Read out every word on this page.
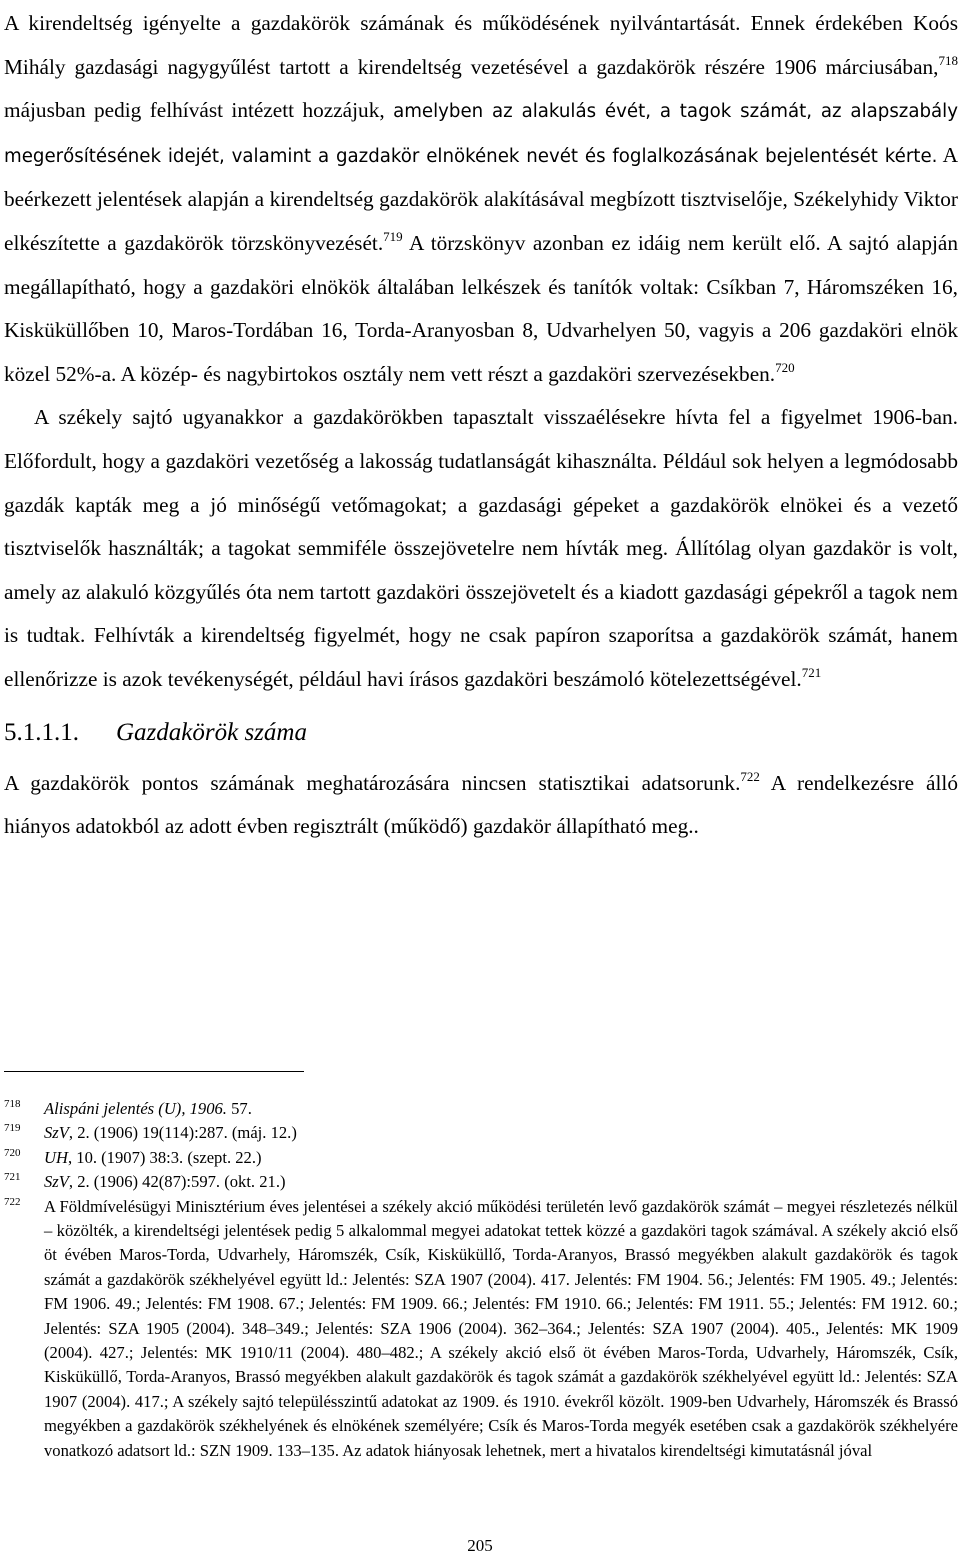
A kirendeltség igényelte a gazdakörök számának és működésének nyilvántartását. Ennek érdekében Koós Mihály gazdasági nagygyűlést tartott a kirendeltség vezetésével a gazdakörök részére 1906 márciusában,$^{718}$ májusban pedig felhívást intézett hozzájuk, amelyben az alakulás évét, a tagok számát, az alapszabály megerősítésének idejét, valamint a gazdakör elnökének nevét és foglalkozásának bejelentését kérte. A beérkezett jelentések alapján a kirendeltség gazdakörök alakításával megbízott tisztviselője, Székelyhidy Viktor elkészítette a gazdakörök törzskönyvezését.$^{719}$ A törzskönyv azonban ez idáig nem került elő. A sajtó alapján megállapítható, hogy a gazdaköri elnökök általában lelkészek és tanítók voltak: Csíkban 7, Háromszéken 16, Kisküküllőben 10, Maros-Tordában 16, Torda-Aranyosban 8, Udvarhelyen 50, vagyis a 206 gazdaköri elnök közel 52%-a. A közép- és nagybirtokos osztály nem vett részt a gazdaköri szervezésekben.$^{720}$

A székely sajtó ugyanakkor a gazdakörökben tapasztalt visszaélésekre hívta fel a figyelmet 1906-ban. Előfordult, hogy a gazdaköri vezetőség a lakosság tudatlanságát kihasználta. Például sok helyen a legmódosabb gazdák kapták meg a jó minőségű vetőmagokat; a gazdasági gépeket a gazdakörök elnökei és a vezető tisztviselők használták; a tagokat semmiféle összejövetelre nem hívták meg. Állítólag olyan gazdakör is volt, amely az alakuló közgyűlés óta nem tartott gazdaköri összejövetelt és a kiadott gazdasági gépekről a tagok nem is tudtak. Felhívták a kirendeltség figyelmét, hogy ne csak papíron szaporítsa a gazdakörök számát, hanem ellenőrizze is azok tevékenységét, például havi írásos gazdaköri beszámoló kötelezettségével.$^{721}$

5.1.1.1. Gazdakörök száma

A gazdakörök pontos számának meghatározására nincsen statisztikai adatsorunk.$^{722}$ A rendelkezésre álló hiányos adatokból az adott évben regisztrált (működő) gazdakör állapítható meg..

718	Alispáni jelentés (U), 1906. 57.
719	SzV, 2. (1906) 19(114):287. (máj. 12.)
720	UH, 10. (1907) 38:3. (szept. 22.)
721	SzV, 2. (1906) 42(87):597. (okt. 21.)
722	A Földmívelésügyi Minisztérium éves jelentései a székely akció működési területén levő gazdakörök számát – megyei részletezés nélkül – közölték, a kirendeltségi jelentések pedig 5 alkalommal megyei adatokat tettek közzé a gazdaköri tagok számával. A székely akció első öt évében Maros-Torda, Udvarhely, Háromszék, Csík, Kisküküllő, Torda-Aranyos, Brassó megyékben alakult gazdakörök és tagok számát a gazdakörök székhelyével együtt ld.: Jelentés: SZA 1907 (2004). 417. Jelentés: FM 1904. 56.; Jelentés: FM 1905. 49.; Jelentés: FM 1906. 49.; Jelentés: FM 1908. 67.; Jelentés: FM 1909. 66.; Jelentés: FM 1910. 66.; Jelentés: FM 1911. 55.; Jelentés: FM 1912. 60.; Jelentés: SZA 1905 (2004). 348–349.; Jelentés: SZA 1906 (2004). 362–364.; Jelentés: SZA 1907 (2004). 405., Jelentés: MK 1909 (2004). 427.; Jelentés: MK 1910/11 (2004). 480–482.; A székely akció első öt évében Maros-Torda, Udvarhely, Háromszék, Csík, Kisküküllő, Torda-Aranyos, Brassó megyékben alakult gazdakörök és tagok számát a gazdakörök székhelyével együtt ld.: Jelentés: SZA 1907 (2004). 417.; A székely sajtó településszintű adatokat az 1909. és 1910. évekről közölt. 1909-ben Udvarhely, Háromszék és Brassó megyékben a gazdakörök székhelyének és elnökének személyére; Csík és Maros-Torda megyék esetében csak a gazdakörök székhelyére vonatkozó adatsort ld.: SZN 1909. 133–135. Az adatok hiányosak lehetnek, mert a hivatalos kirendeltségi kimutatásnál jóval
205
